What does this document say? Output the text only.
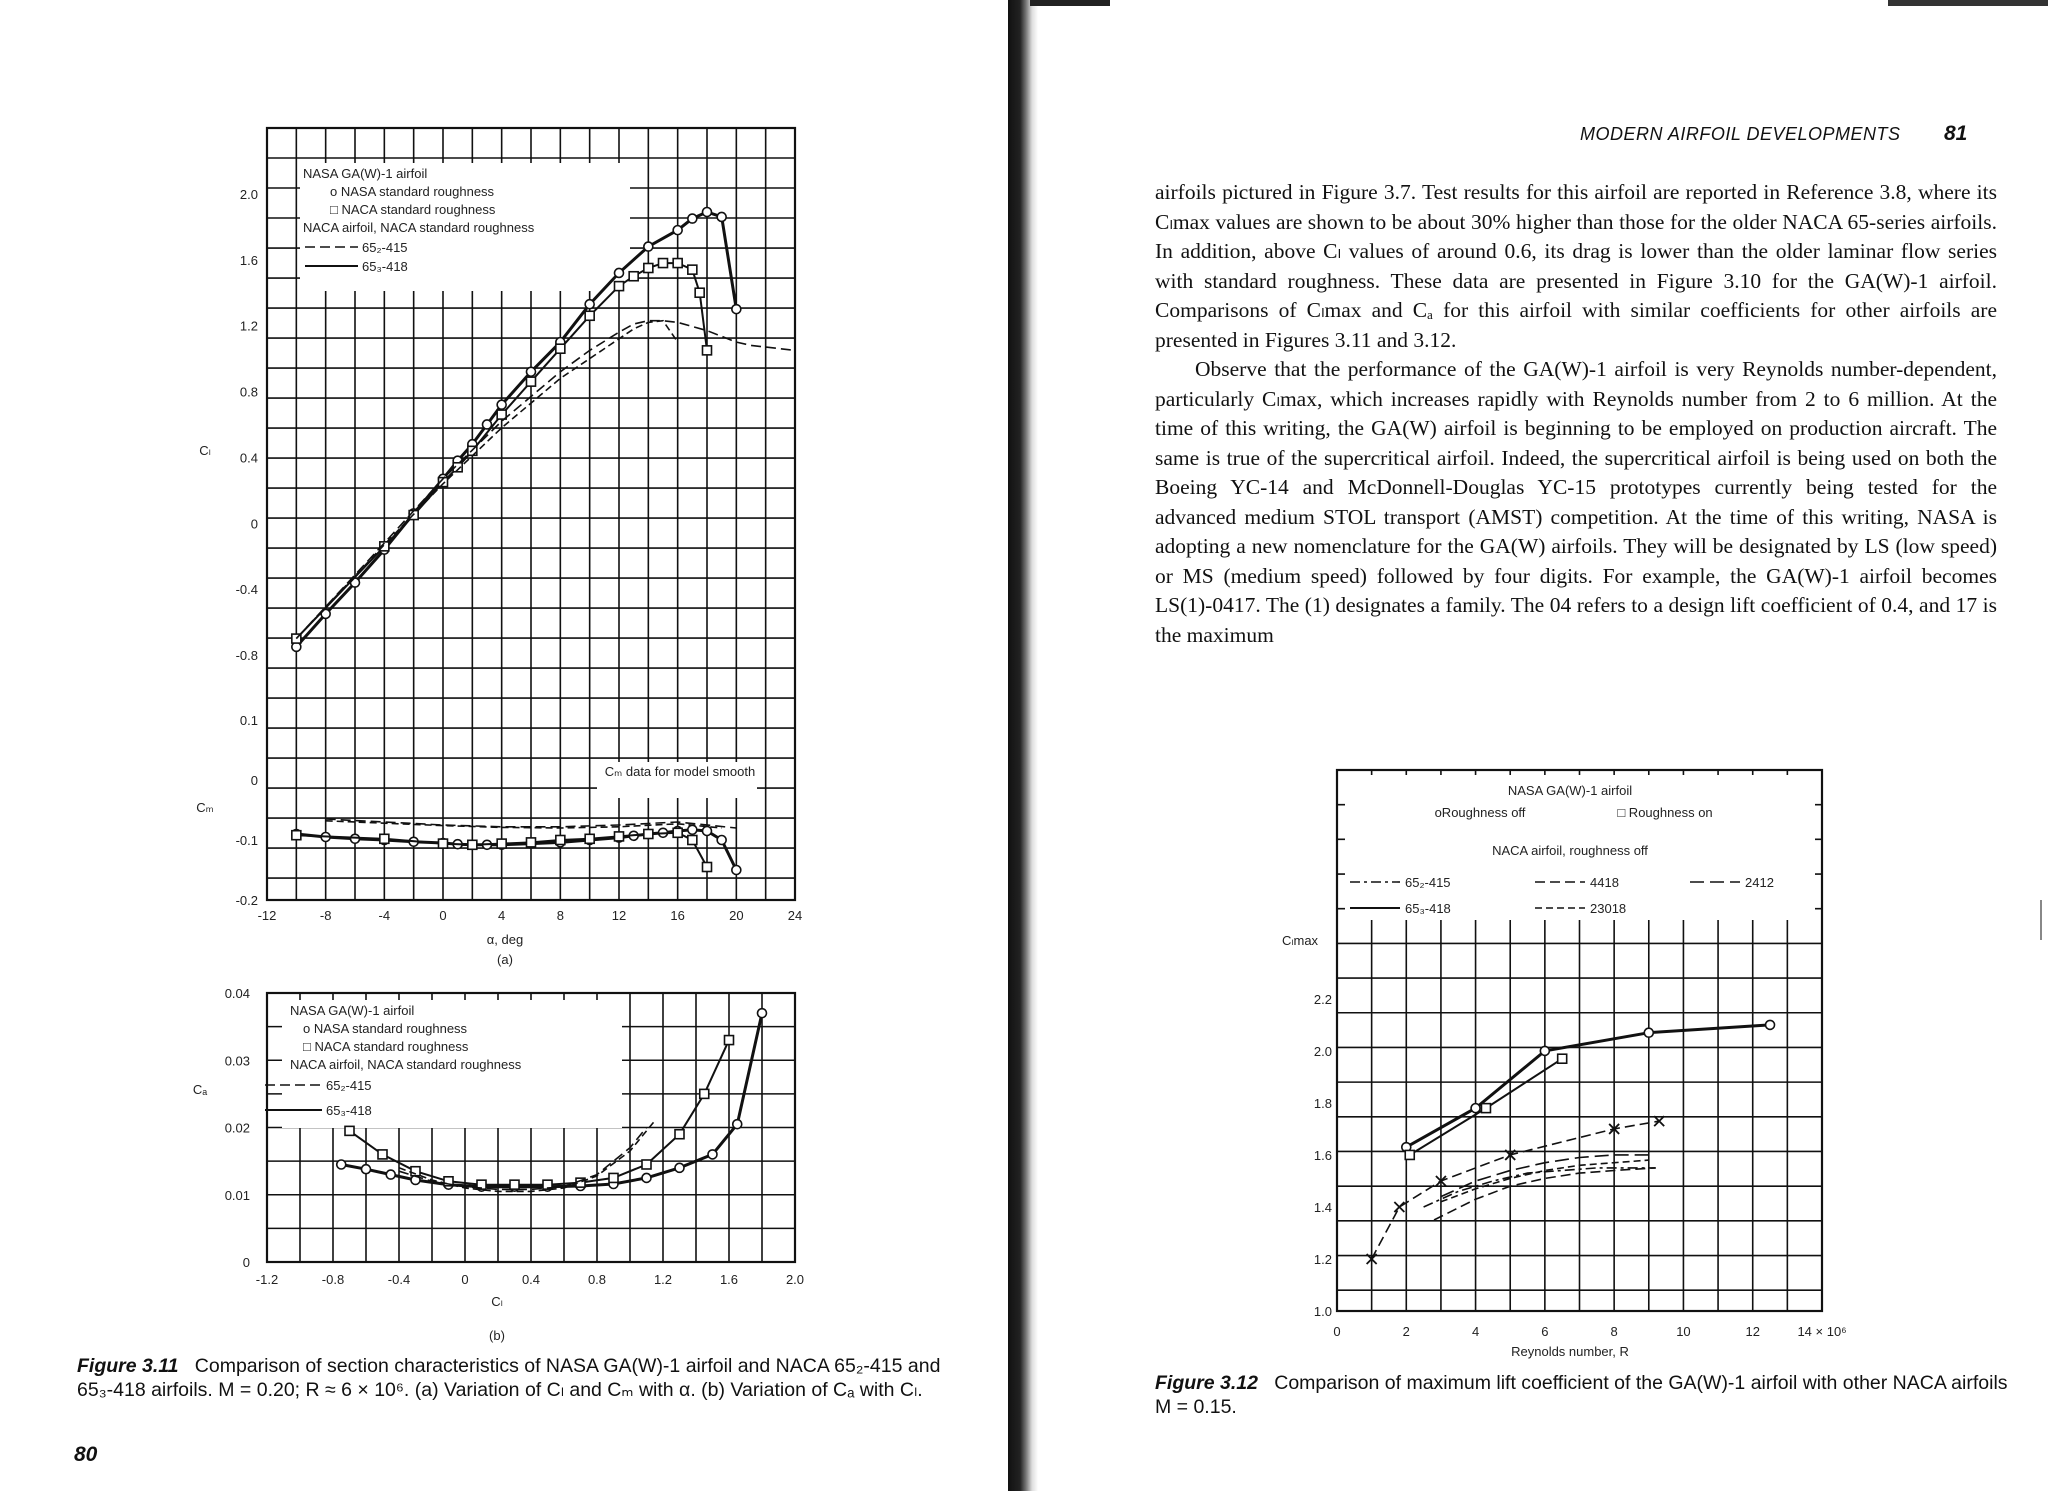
2.0
1.6
1.2
0.8
0.4
0
-0.4
-0.8
0.1
0
-0.1
-0.2
-12	-8	-4	0	4	8	12	16	20	24
α, deg
(a)
Cₗ
Cₘ
NASA GA(W)-1 airfoil
o NASA standard roughness
□ NACA standard roughness
NACA airfoil, NACA standard roughness
65₂-415
65₃-418
Cₘ data for model smooth
0.04
0.03
0.02
0.01
0
-1.2	-0.8	-0.4	0	0.4	0.8	1.2	1.6	2.0
Cₗ
(b)
Cₐ
NASA GA(W)-1 airfoil
o NASA standard roughness
□ NACA standard roughness
NACA airfoil, NACA standard roughness
65₂-415
65₃-418
2.2
2.0
1.8
1.6
1.4
1.2
1.0
0	2	4	6	8	10	12	14 × 10⁶
Reynolds number, R
Cₗmax
NASA GA(W)-1 airfoil
oRoughness off	□ Roughness on
NACA airfoil, roughness off
65₂-415
65₃-418
4418
23018
2412
MODERN AIRFOIL DEVELOPMENTS 81

airfoils pictured in Figure 3.7. Test results for this airfoil are reported in Reference 3.8, where its Cₗmax values are shown to be about 30% higher than those for the older NACA 65-series airfoils. In addition, above Cₗ values of around 0.6, its drag is lower than the older laminar flow series with standard roughness. These data are presented in Figure 3.10 for the GA(W)-1 airfoil. Comparisons of Cₗmax and Cₐ for this airfoil with similar coefficients for other airfoils are presented in Figures 3.11 and 3.12.

Observe that the performance of the GA(W)-1 airfoil is very Reynolds number-dependent, particularly Cₗmax, which increases rapidly with Reynolds number from 2 to 6 million. At the time of this writing, the GA(W) airfoil is beginning to be employed on production aircraft. The same is true of the supercritical airfoil. Indeed, the supercritical airfoil is being used on both the Boeing YC-14 and McDonnell-Douglas YC-15 prototypes currently being tested for the advanced medium STOL transport (AMST) competition. At the time of this writing, NASA is adopting a new nomenclature for the GA(W) airfoils. They will be designated by LS (low speed) or MS (medium speed) followed by four digits. For example, the GA(W)-1 airfoil becomes LS(1)-0417. The (1) designates a family. The 04 refers to a design lift coefficient of 0.4, and 17 is the maximum

Figure 3.11 Comparison of section characteristics of NASA GA(W)-1 airfoil and NACA 65₂-415 and 65₃-418 airfoils. M = 0.20; R ≈ 6 × 10⁶. (a) Variation of Cₗ and Cₘ with α. (b) Variation of Cₐ with Cₗ.	Figure 3.12 Comparison of maximum lift coefficient of the GA(W)-1 airfoil with other NACA airfoils M = 0.15.
80
